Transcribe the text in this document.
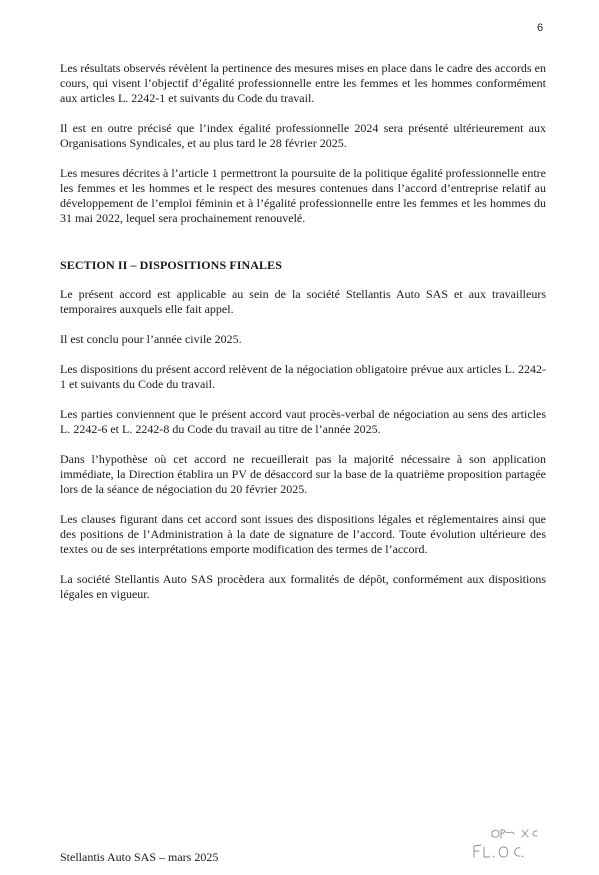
6

Les résultats observés révèlent la pertinence des mesures mises en place dans le cadre des accords en cours, qui visent l’objectif d’égalité professionnelle entre les femmes et les hommes conformément aux articles L. 2242-1 et suivants du Code du travail.

Il est en outre précisé que l’index égalité professionnelle 2024 sera présenté ultérieurement aux Organisations Syndicales, et au plus tard le 28 février 2025.

Les mesures décrites à l’article 1 permettront la poursuite de la politique égalité professionnelle entre les femmes et les hommes et le respect des mesures contenues dans l’accord d’entreprise relatif au développement de l’emploi féminin et à l’égalité professionnelle entre les femmes et les hommes du 31 mai 2022, lequel sera prochainement renouvelé.

SECTION II – DISPOSITIONS FINALES

Le présent accord est applicable au sein de la société Stellantis Auto SAS et aux travailleurs temporaires auxquels elle fait appel.

Il est conclu pour l’année civile 2025.

Les dispositions du présent accord relèvent de la négociation obligatoire prévue aux articles L. 2242-1 et suivants du Code du travail.

Les parties conviennent que le présent accord vaut procès-verbal de négociation au sens des articles L. 2242-6 et L. 2242-8 du Code du travail au titre de l’année 2025.

Dans l’hypothèse où cet accord ne recueillerait pas la majorité nécessaire à son application immédiate, la Direction établira un PV de désaccord sur la base de la quatrième proposition partagée lors de la séance de négociation du 20 février 2025.

Les clauses figurant dans cet accord sont issues des dispositions légales et réglementaires ainsi que des positions de l’Administration à la date de signature de l’accord. Toute évolution ultérieure des textes ou de ses interprétations emporte modification des termes de l’accord.

La société Stellantis Auto SAS procèdera aux formalités de dépôt, conformément aux dispositions légales en vigueur.

Stellantis Auto SAS – mars 2025
